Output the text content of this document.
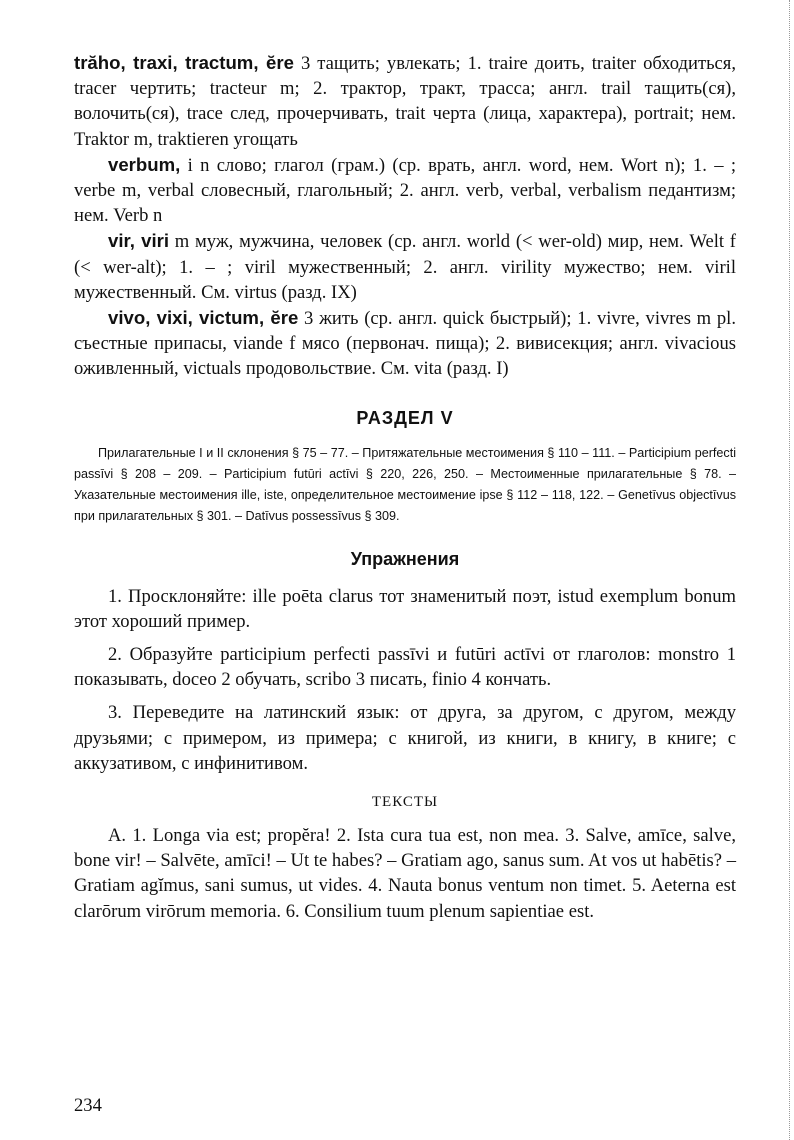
trăho, traxi, tractum, ĕre 3 тащить; увлекать; 1. traire доить, traiter обходиться, tracer чертить; tracteur m; 2. трактор, тракт, трасса; англ. trail тащить(ся), волочить(ся), trace след, прочерчивать, trait черта (лица, характера), portrait; нем. Traktor m, traktieren угощать

verbum, i n слово; глагол (грам.) (ср. врать, англ. word, нем. Wort n); 1. – ; verbe m, verbal словесный, глагольный; 2. англ. verb, verbal, verbalism педантизм; нем. Verb n

vir, viri m муж, мужчина, человек (ср. англ. world (< wer-old) мир, нем. Welt f (< wer-alt); 1. – ; viril мужественный; 2. англ. virility мужество; нем. viril мужественный. См. virtus (разд. IX)

vivo, vixi, victum, ĕre 3 жить (ср. англ. quick быстрый); 1. vivre, vivres m pl. съестные припасы, viande f мясо (первонач. пища); 2. вивисекция; англ. vivacious оживленный, victuals продовольствие. См. vita (разд. I)

РАЗДЕЛ V

Прилагательные I и II склонения § 75 – 77. – Притяжательные местоимения § 110 – 111. – Participium perfecti passīvi § 208 – 209. – Participium futūri actīvi § 220, 226, 250. – Местоименные прилагательные § 78. – Указательные местоимения ille, iste, определительное местоимение ipse § 112 – 118, 122. – Genetīvus objectīvus при прилагательных § 301. – Datīvus possessīvus § 309.

Упражнения

1. Просклоняйте: ille poēta clarus тот знаменитый поэт, istud exemplum bonum этот хороший пример.

2. Образуйте participium perfecti passīvi и futūri actīvi от глаголов: monstro 1 показывать, doceo 2 обучать, scribo 3 писать, finio 4 кончать.

3. Переведите на латинский язык: от друга, за другом, с другом, между друзьями; с примером, из примера; с книгой, из книги, в книгу, в книге; с аккузативом, с инфинитивом.

ТЕКСТЫ

A. 1. Longa via est; propĕra! 2. Ista cura tua est, non mea. 3. Salve, amīce, salve, bone vir! – Salvēte, amīci! – Ut te habes? – Gratiam ago, sanus sum. At vos ut habētis? – Gratiam agĭmus, sani sumus, ut vides. 4. Nauta bonus ventum non timet. 5. Aeterna est clarōrum virōrum memoria. 6. Consilium tuum plenum sapientiae est.

234
